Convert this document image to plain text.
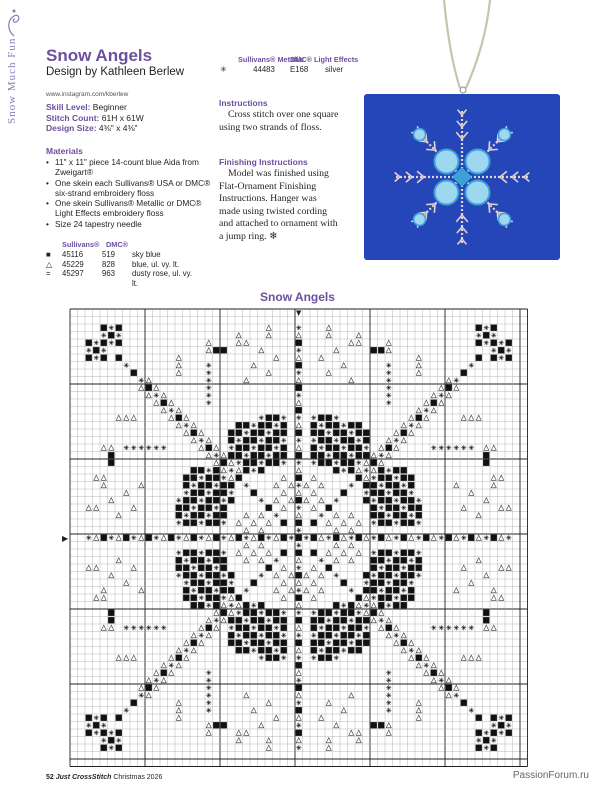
Snow Much Fun	Snow Angels
Design by Kathleen Berlew
www.instagram.com/kberlew
Skill Level: Beginner
Stitch Count: 61H x 61W
Design Size: 4⅜" x 4⅜"
Materials
• 11" x 11" piece 14-count blue Aida from Zweigart®
• One skein each Sullivans® USA or DMC® six-strand embroidery floss
• One skein Sullivans® Metallic or DMC® Light Effects embroidery floss
• Size 24 tapestry needle
Sullivans® DMC®
■	45116	519	sky blue
△	45229	828	blue, ul. vy. lt.
=	45297	963	dusty rose, ul. vy. lt.
Sullivans® Metallic
DMC® Light Effects
✳	44483	E168	silver
Instructions

Cross stitch over one square using two strands of floss.

Finishing Instructions

Model was finished using Flat-Ornament Finishing Instructions. Hanger was made using twisted cording and attached to ornament with a jump ring. ❄

Snow Angels
▼
▶
52 Just CrossStitch Christmas 2026	PassionForum.ru
